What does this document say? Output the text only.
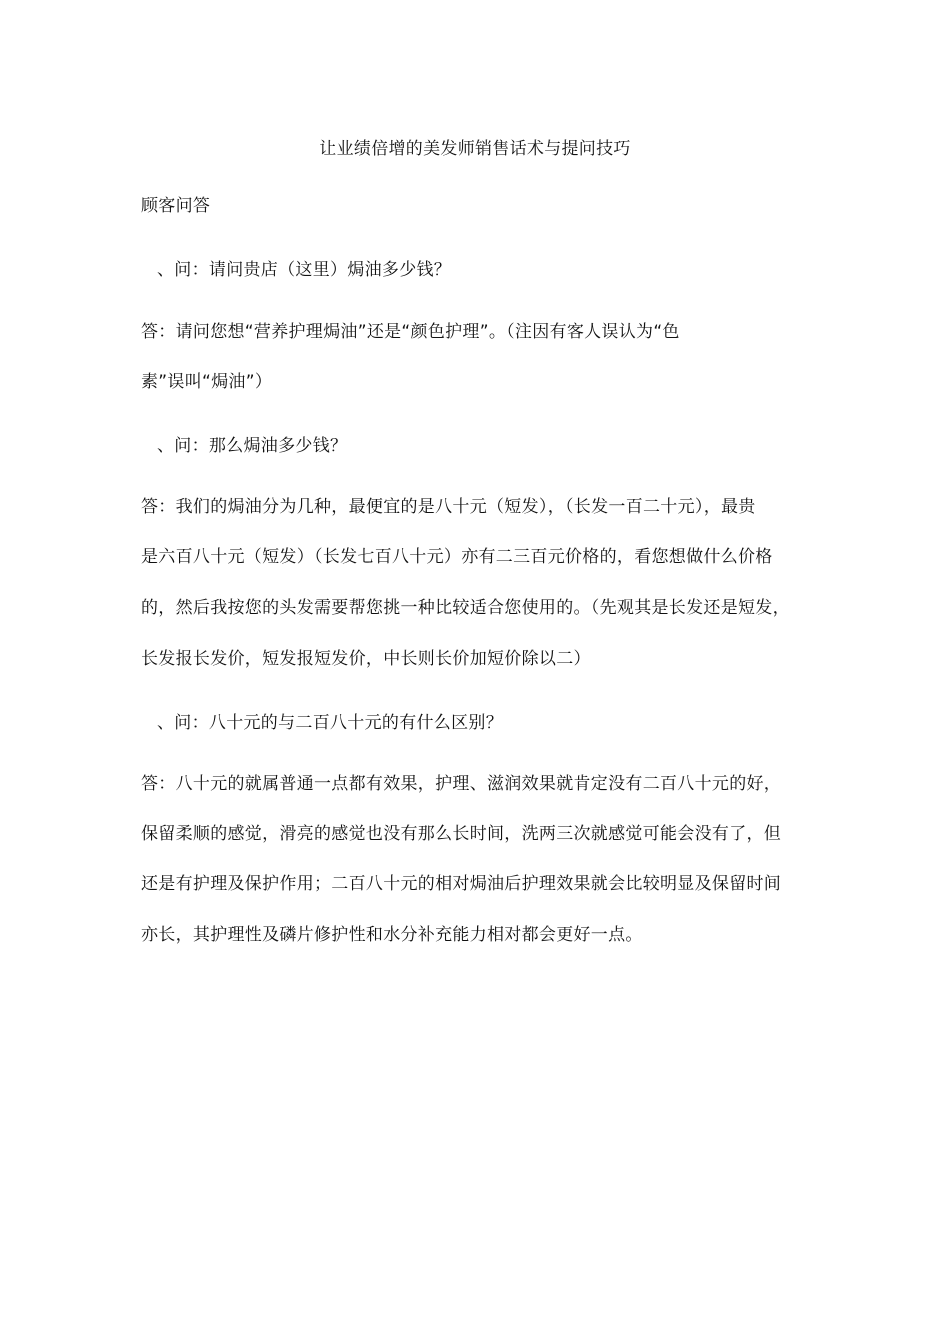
让业绩倍增的美发师销售话术与提问技巧
顾客问答
、问：请问贵店（这里）焗油多少钱？
答：请问您想“营养护理焗油”还是“颜色护理”。（注因有客人误认为“色
素”误叫“焗油”）
、问：那么焗油多少钱？
答：我们的焗油分为几种，最便宜的是八十元（短发），（长发一百二十元），最贵
是六百八十元（短发）（长发七百八十元）亦有二三百元价格的，看您想做什么价格
的，然后我按您的头发需要帮您挑一种比较适合您使用的。（先观其是长发还是短发，
长发报长发价，短发报短发价，中长则长价加短价除以二）
、问：八十元的与二百八十元的有什么区别？
答：八十元的就属普通一点都有效果，护理、滋润效果就肯定没有二百八十元的好，
保留柔顺的感觉，滑亮的感觉也没有那么长时间，洗两三次就感觉可能会没有了，但
还是有护理及保护作用；二百八十元的相对焗油后护理效果就会比较明显及保留时间
亦长，其护理性及磷片修护性和水分补充能力相对都会更好一点。
